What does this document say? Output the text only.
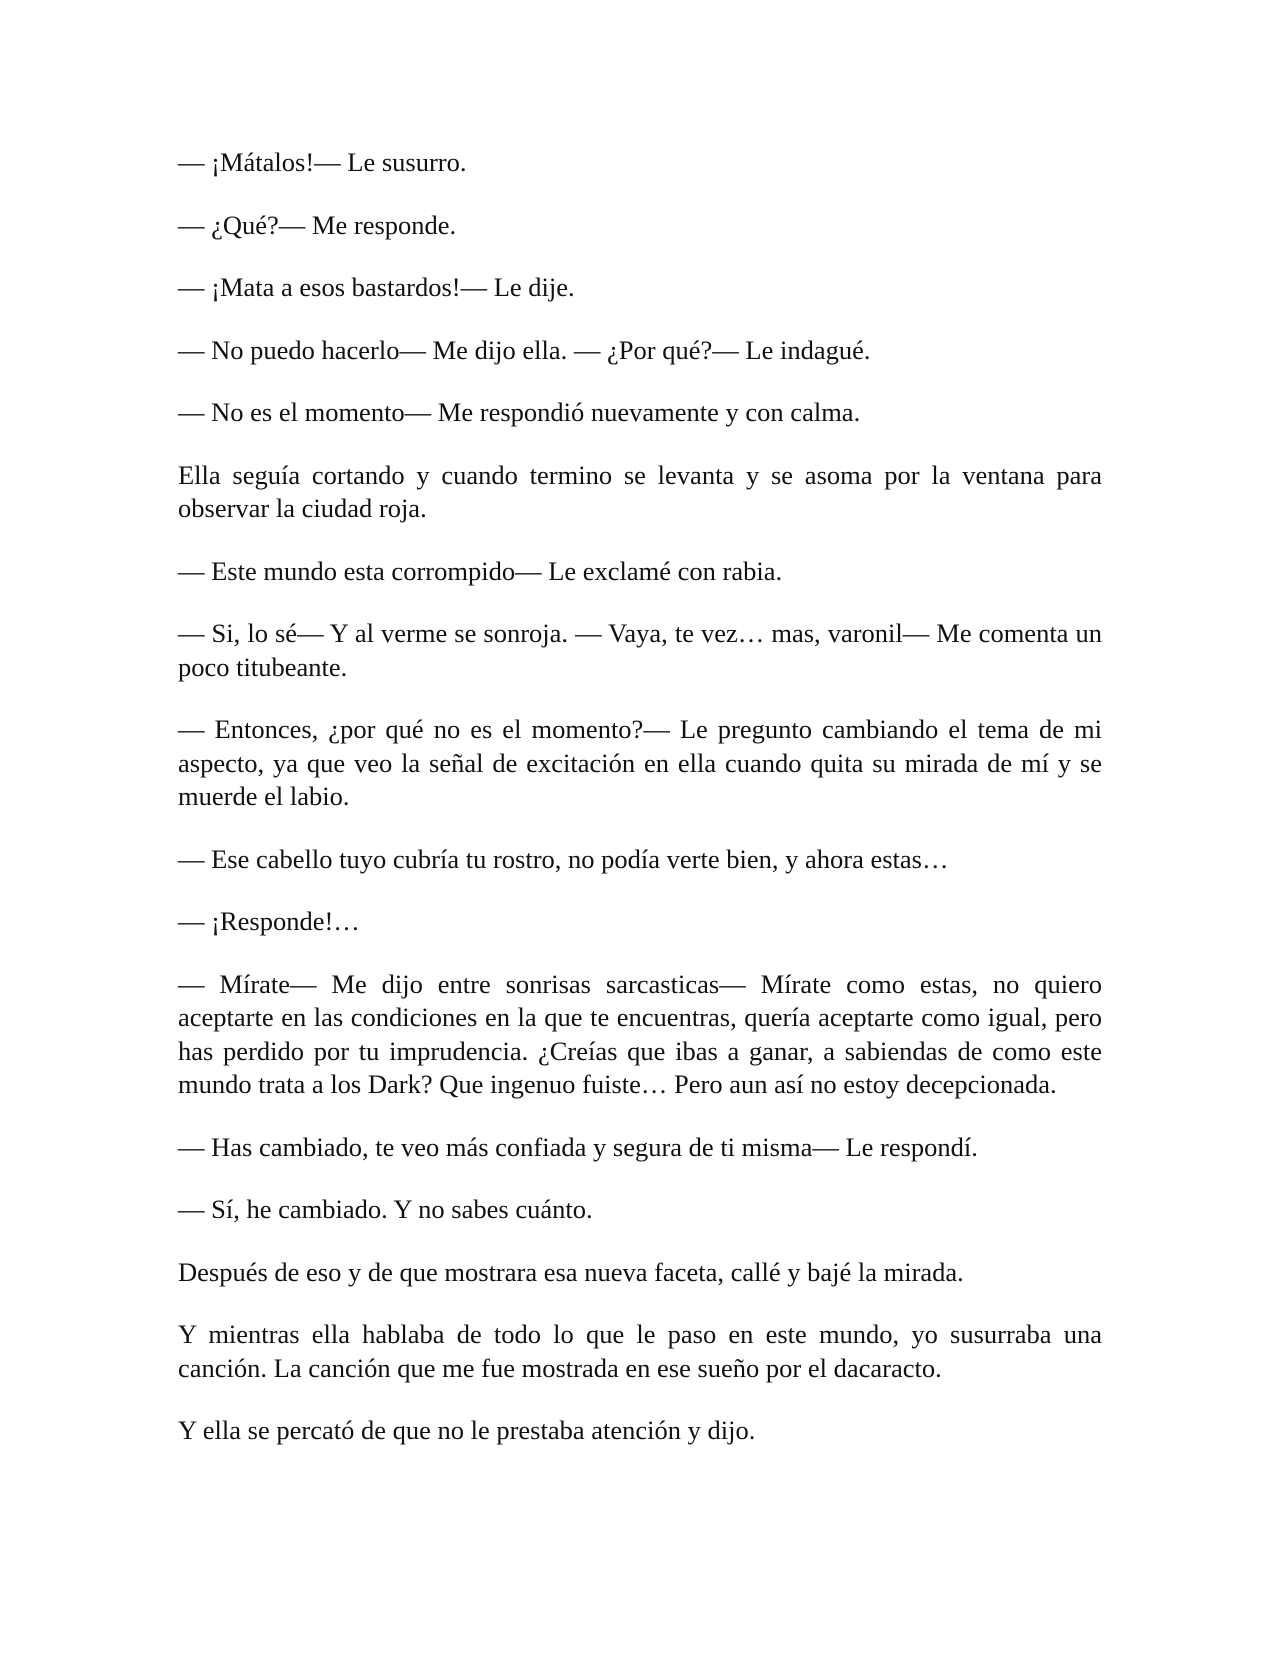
— ¡Mátalos!— Le susurro.

— ¿Qué?— Me responde.

— ¡Mata a esos bastardos!— Le dije.

— No puedo hacerlo— Me dijo ella. — ¿Por qué?— Le indagué.

— No es el momento— Me respondió nuevamente y con calma.

Ella seguía cortando y cuando termino se levanta y se asoma por la ventana para observar la ciudad roja.

— Este mundo esta corrompido— Le exclamé con rabia.

— Si, lo sé— Y al verme se sonroja. — Vaya, te vez… mas, varonil— Me comenta un poco titubeante.

— Entonces, ¿por qué no es el momento?— Le pregunto cambiando el tema de mi aspecto, ya que veo la señal de excitación en ella cuando quita su mirada de mí y se muerde el labio.

— Ese cabello tuyo cubría tu rostro, no podía verte bien, y ahora estas…

— ¡Responde!…

— Mírate— Me dijo entre sonrisas sarcasticas— Mírate como estas, no quiero aceptarte en las condiciones en la que te encuentras, quería aceptarte como igual, pero has perdido por tu imprudencia. ¿Creías que ibas a ganar, a sabiendas de como este mundo trata a los Dark? Que ingenuo fuiste… Pero aun así no estoy decepcionada.

— Has cambiado, te veo más confiada y segura de ti misma— Le respondí.

— Sí, he cambiado. Y no sabes cuánto.

Después de eso y de que mostrara esa nueva faceta, callé y bajé la mirada.

Y mientras ella hablaba de todo lo que le paso en este mundo, yo susurraba una canción. La canción que me fue mostrada en ese sueño por el dacaracto.

Y ella se percató de que no le prestaba atención y dijo.
